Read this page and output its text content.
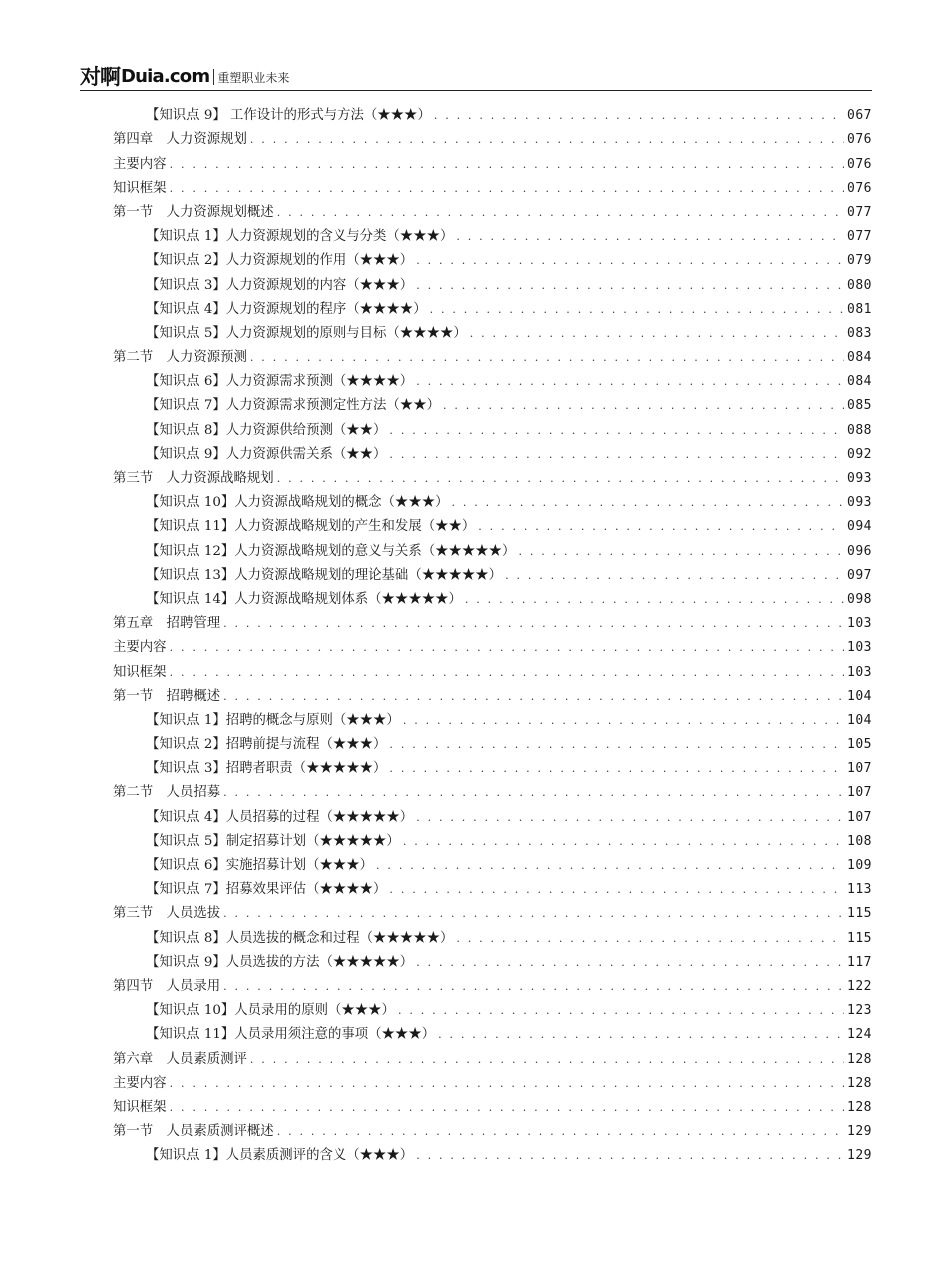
对啊 Duia.com 重塑职业未来
【知识点 9】 工作设计的形式与方法（★★★） . . .	067
第四章　人力资源规划 . . .	076
主要内容 . . .	076
知识框架 . . .	076
第一节　人力资源规划概述 . . .	077
【知识点 1】人力资源规划的含义与分类（★★★） . . .	077
【知识点 2】人力资源规划的作用（★★★） . . .	079
【知识点 3】人力资源规划的内容（★★★） . . .	080
【知识点 4】人力资源规划的程序（★★★★） . . .	081
【知识点 5】人力资源规划的原则与目标（★★★★） . . .	083
第二节　人力资源预测 . . .	084
【知识点 6】人力资源需求预测（★★★★） . . .	084
【知识点 7】人力资源需求预测定性方法（★★） . . .	085
【知识点 8】人力资源供给预测（★★） . . .	088
【知识点 9】人力资源供需关系（★★） . . .	092
第三节　人力资源战略规划 . . .	093
【知识点 10】人力资源战略规划的概念（★★★） . . .	093
【知识点 11】人力资源战略规划的产生和发展（★★） . . .	094
【知识点 12】人力资源战略规划的意义与关系（★★★★★） . . .	096
【知识点 13】人力资源战略规划的理论基础（★★★★★） . . .	097
【知识点 14】人力资源战略规划体系（★★★★★） . . .	098
第五章　招聘管理 . . .	103
主要内容 . . .	103
知识框架 . . .	103
第一节　招聘概述 . . .	104
【知识点 1】招聘的概念与原则（★★★） . . .	104
【知识点 2】招聘前提与流程（★★★） . . .	105
【知识点 3】招聘者职责（★★★★★） . . .	107
第二节　人员招募 . . .	107
【知识点 4】人员招募的过程（★★★★★） . . .	107
【知识点 5】制定招募计划（★★★★★） . . .	108
【知识点 6】实施招募计划（★★★） . . .	109
【知识点 7】招募效果评估（★★★★） . . .	113
第三节　人员选拔 . . .	115
【知识点 8】人员选拔的概念和过程（★★★★★） . . .	115
【知识点 9】人员选拔的方法（★★★★★） . . .	117
第四节　人员录用 . . .	122
【知识点 10】人员录用的原则（★★★） . . .	123
【知识点 11】人员录用须注意的事项（★★★） . . .	124
第六章　人员素质测评 . . .	128
主要内容 . . .	128
知识框架 . . .	128
第一节　人员素质测评概述 . . .	129
【知识点 1】人员素质测评的含义（★★★） . . .	129
